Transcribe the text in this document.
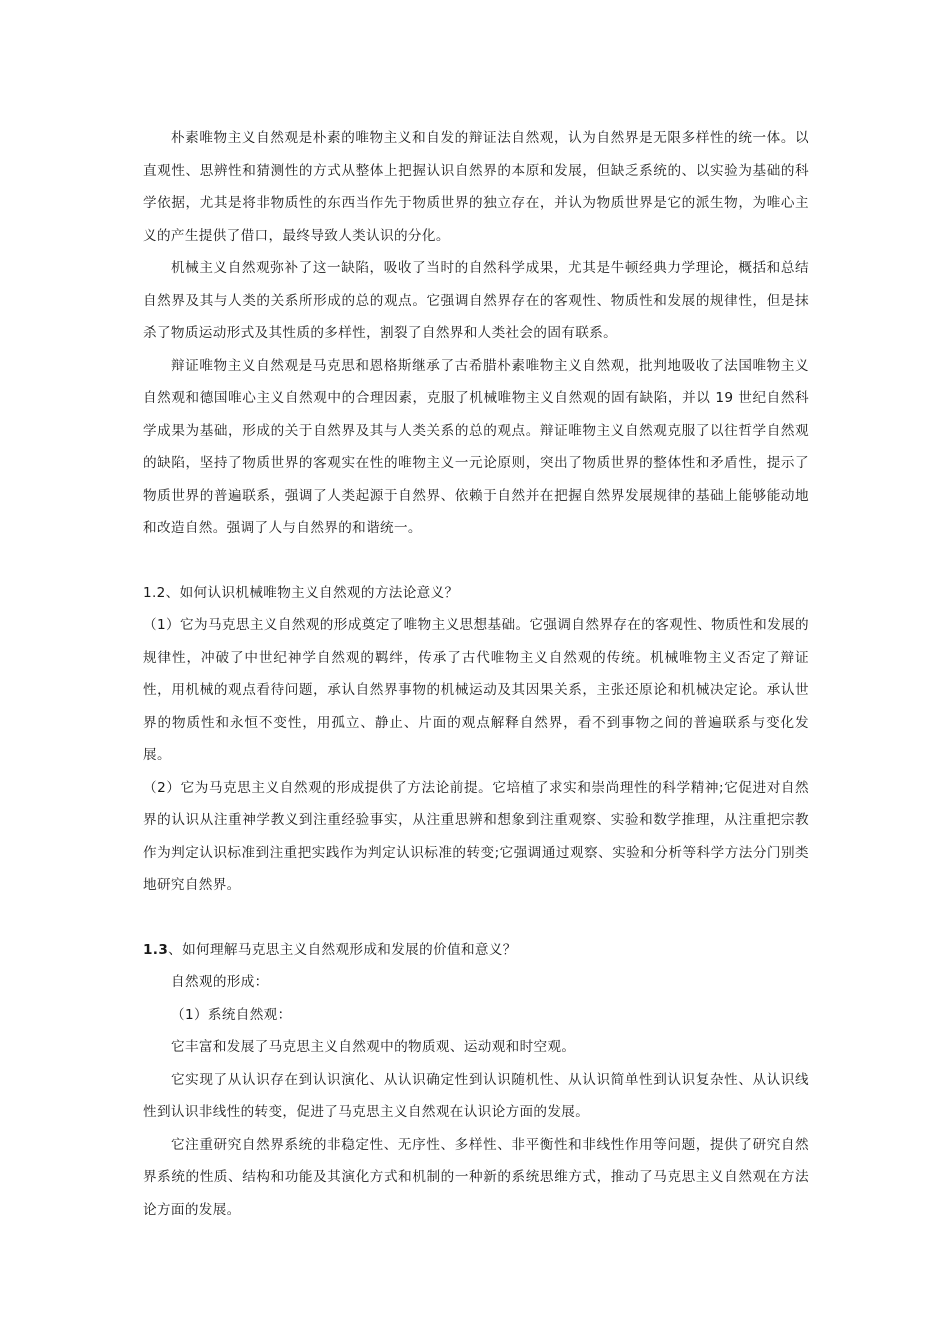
朴素唯物主义自然观是朴素的唯物主义和自发的辩证法自然观，认为自然界是无限多样性的统一体。以直观性、思辨性和猜测性的方式从整体上把握认识自然界的本原和发展，但缺乏系统的、以实验为基础的科学依据，尤其是将非物质性的东西当作先于物质世界的独立存在，并认为物质世界是它的派生物，为唯心主义的产生提供了借口，最终导致人类认识的分化。

机械主义自然观弥补了这一缺陷，吸收了当时的自然科学成果，尤其是牛顿经典力学理论，概括和总结自然界及其与人类的关系所形成的总的观点。它强调自然界存在的客观性、物质性和发展的规律性，但是抹杀了物质运动形式及其性质的多样性，割裂了自然界和人类社会的固有联系。

辩证唯物主义自然观是马克思和恩格斯继承了古希腊朴素唯物主义自然观，批判地吸收了法国唯物主义自然观和德国唯心主义自然观中的合理因素，克服了机械唯物主义自然观的固有缺陷，并以 19 世纪自然科学成果为基础，形成的关于自然界及其与人类关系的总的观点。辩证唯物主义自然观克服了以往哲学自然观的缺陷，坚持了物质世界的客观实在性的唯物主义一元论原则，突出了物质世界的整体性和矛盾性，提示了物质世界的普遍联系，强调了人类起源于自然界、依赖于自然并在把握自然界发展规律的基础上能够能动地和改造自然。强调了人与自然界的和谐统一。

1.2、如何认识机械唯物主义自然观的方法论意义？

（1）它为马克思主义自然观的形成奠定了唯物主义思想基础。它强调自然界存在的客观性、物质性和发展的规律性，冲破了中世纪神学自然观的羁绊，传承了古代唯物主义自然观的传统。机械唯物主义否定了辩证性，用机械的观点看待问题，承认自然界事物的机械运动及其因果关系，主张还原论和机械决定论。承认世界的物质性和永恒不变性，用孤立、静止、片面的观点解释自然界，看不到事物之间的普遍联系与变化发展。

（2）它为马克思主义自然观的形成提供了方法论前提。它培植了求实和崇尚理性的科学精神;它促进对自然界的认识从注重神学教义到注重经验事实，从注重思辨和想象到注重观察、实验和数学推理，从注重把宗教作为判定认识标准到注重把实践作为判定认识标准的转变;它强调通过观察、实验和分析等科学方法分门别类地研究自然界。

1.3、如何理解马克思主义自然观形成和发展的价值和意义？

自然观的形成：

（1）系统自然观：

它丰富和发展了马克思主义自然观中的物质观、运动观和时空观。

它实现了从认识存在到认识演化、从认识确定性到认识随机性、从认识简单性到认识复杂性、从认识线性到认识非线性的转变，促进了马克思主义自然观在认识论方面的发展。

它注重研究自然界系统的非稳定性、无序性、多样性、非平衡性和非线性作用等问题，提供了研究自然界系统的性质、结构和功能及其演化方式和机制的一种新的系统思维方式，推动了马克思主义自然观在方法论方面的发展。
